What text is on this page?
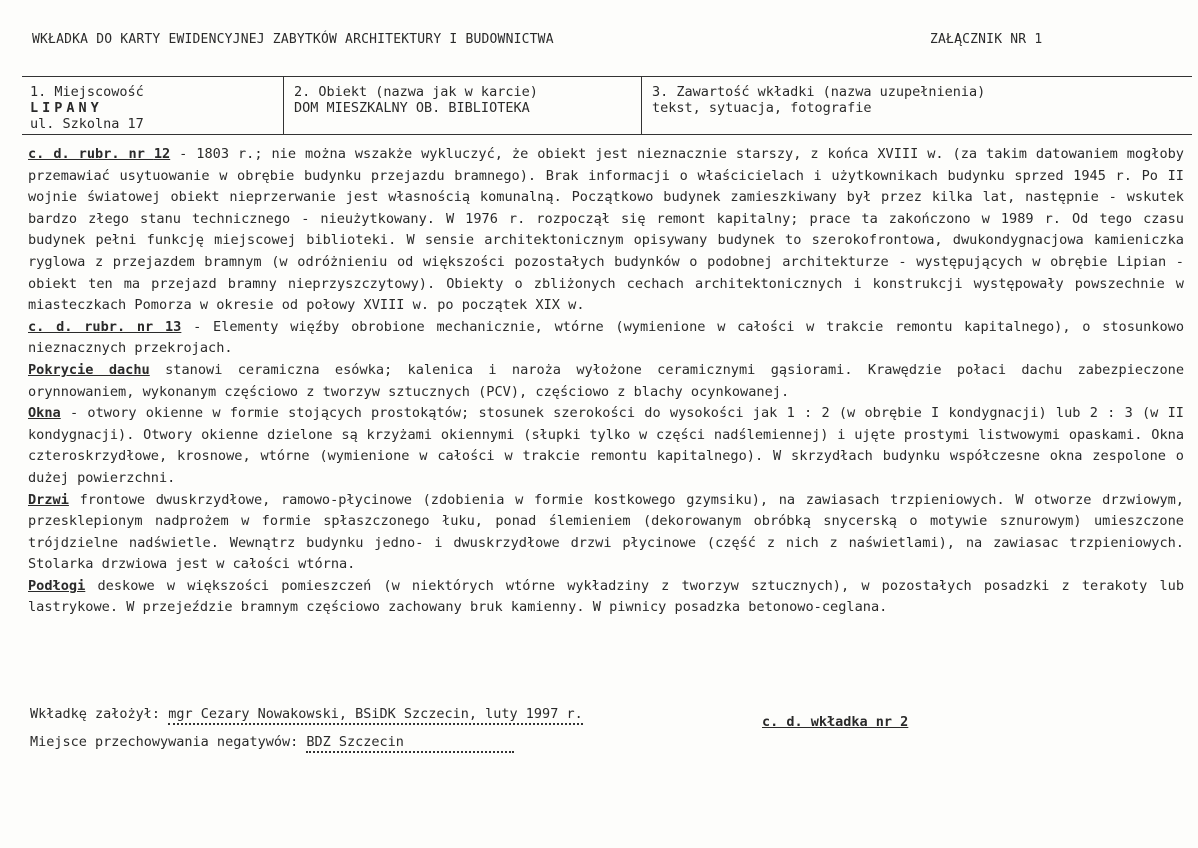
WKŁADKA DO KARTY EWIDENCYJNEJ ZABYTKÓW ARCHITEKTURY I BUDOWNICTWA	ZAŁĄCZNIK NR 1
1. Miejscowość
LIPANY
ul. Szkolna 17
2. Obiekt (nazwa jak w karcie)
DOM MIESZKALNY OB. BIBLIOTEKA
3. Zawartość wkładki (nazwa uzupełnienia)
tekst, sytuacja, fotografie

c. d. rubr. nr 12 - 1803 r.; nie można wszakże wykluczyć, że obiekt jest nieznacznie starszy, z końca XVIII w. (za takim datowaniem mogłoby przemawiać usytuowanie w obrębie budynku przejazdu bramnego). Brak informacji o właścicielach i użytkownikach budynku sprzed 1945 r. Po II wojnie światowej obiekt nieprzerwanie jest własnością komunalną. Początkowo budynek zamieszkiwany był przez kilka lat, następnie - wskutek bardzo złego stanu technicznego - nieużytkowany. W 1976 r. rozpoczął się remont kapitalny; prace ta zakończono w 1989 r. Od tego czasu budynek pełni funkcję miejscowej biblioteki. W sensie architektonicznym opisywany budynek to szerokofrontowa, dwukondygnacjowa kamieniczka ryglowa z przejazdem bramnym (w odróżnieniu od większości pozostałych budynków o podobnej architekturze - występujących w obrębie Lipian - obiekt ten ma przejazd bramny nieprzyszczytowy). Obiekty o zbliżonych cechach architektonicznych i konstrukcji występowały powszechnie w miasteczkach Pomorza w okresie od połowy XVIII w. po początek XIX w.

c. d. rubr. nr 13 - Elementy więźby obrobione mechanicznie, wtórne (wymienione w całości w trakcie remontu kapitalnego), o stosunkowo nieznacznych przekrojach.

Pokrycie dachu stanowi ceramiczna esówka; kalenica i naroża wyłożone ceramicznymi gąsiorami. Krawędzie połaci dachu zabezpieczone orynnowaniem, wykonanym częściowo z tworzyw sztucznych (PCV), częściowo z blachy ocynkowanej.

Okna - otwory okienne w formie stojących prostokątów; stosunek szerokości do wysokości jak 1 : 2 (w obrębie I kondygnacji) lub 2 : 3 (w II kondygnacji). Otwory okienne dzielone są krzyżami okiennymi (słupki tylko w części nadślemiennej) i ujęte prostymi listwowymi opaskami. Okna czteroskrzydłowe, krosnowe, wtórne (wymienione w całości w trakcie remontu kapitalnego). W skrzydłach budynku współczesne okna zespolone o dużej powierzchni.

Drzwi frontowe dwuskrzydłowe, ramowo-płycinowe (zdobienia w formie kostkowego gzymsiku), na zawiasach trzpieniowych. W otworze drzwiowym, przesklepionym nadprożem w formie spłaszczonego łuku, ponad ślemieniem (dekorowanym obróbką snycerską o motywie sznurowym) umieszczone trójdzielne nadświetle. Wewnątrz budynku jedno- i dwuskrzydłowe drzwi płycinowe (część z nich z naświetlami), na zawiasac trzpieniowych. Stolarka drzwiowa jest w całości wtórna.

Podłogi deskowe w większości pomieszczeń (w niektórych wtórne wykładziny z tworzyw sztucznych), w pozostałych posadzki z terakoty lub lastrykowe. W przejeździe bramnym częściowo zachowany bruk kamienny. W piwnicy posadzka betonowo-ceglana.

Wkładkę założył: mgr Cezary Nowakowski, BSiDK Szczecin, luty 1997 r.	c. d. wkładka nr 2
Miejsce przechowywania negatywów: BDZ Szczecin
